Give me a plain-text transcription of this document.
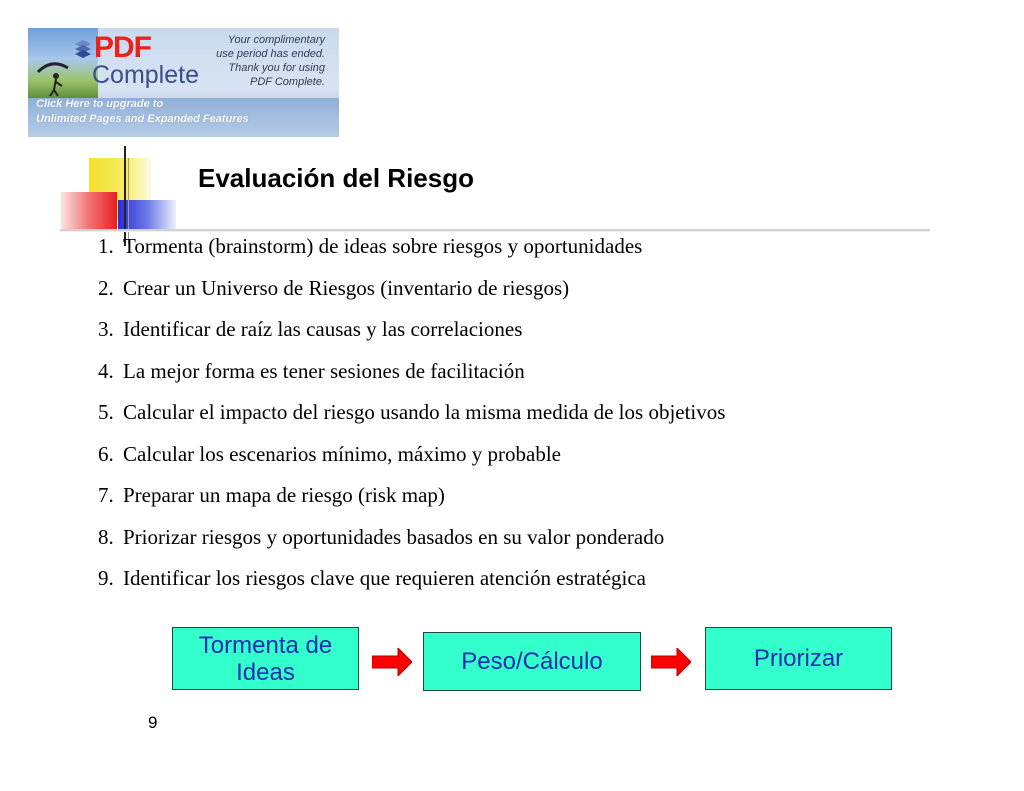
PDF
Complete
Your complimentary
use period has ended.
Thank you for using
PDF Complete.
Click Here to upgrade to
Unlimited Pages and Expanded Features
Evaluación del Riesgo
1. Tormenta (brainstorm) de ideas sobre riesgos y oportunidades
2. Crear un Universo de Riesgos (inventario de riesgos)
3. Identificar de raíz las causas y las correlaciones
4. La mejor forma es tener sesiones de facilitación
5. Calcular el impacto del riesgo usando la misma medida de los objetivos
6. Calcular los escenarios mínimo, máximo y probable
7. Preparar un mapa de riesgo (risk map)
8. Priorizar riesgos y oportunidades basados en su valor ponderado
9. Identificar los riesgos clave que requieren atención estratégica
Tormenta de
Ideas	Peso/Cálculo	Priorizar
9
